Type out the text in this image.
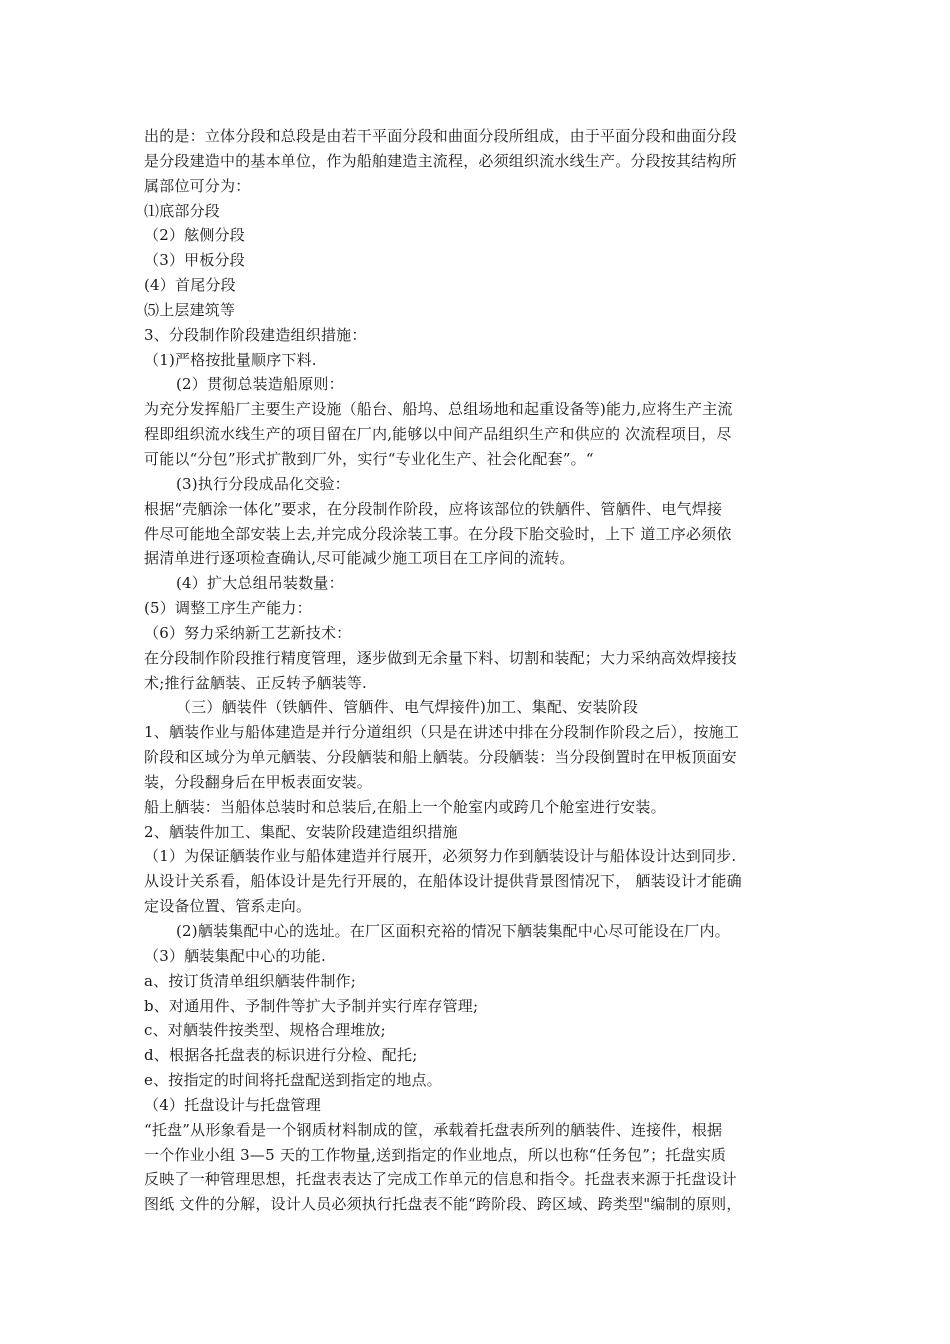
出的是：立体分段和总段是由若干平面分段和曲面分段所组成，由于平面分段和曲面分段
是分段建造中的基本单位，作为船舶建造主流程，必须组织流水线生产。分段按其结构所
属部位可分为：
⑴底部分段
（2）舷侧分段
（3）甲板分段
(4）首尾分段
⑸上层建筑等
3、分段制作阶段建造组织措施：
（1)严格按批量顺序下料.
(2）贯彻总装造船原则：
为充分发挥船厂主要生产设施（船台、船坞、总组场地和起重设备等)能力,应将生产主流
程即组织流水线生产的项目留在厂内,能够以中间产品组织生产和供应的 次流程项目，尽
可能以“分包”形式扩散到厂外，实行“专业化生产、社会化配套”。“
(3)执行分段成品化交验：
根据“壳舾涂一体化”要求，在分段制作阶段，应将该部位的铁舾件、管舾件、电气焊接
件尽可能地全部安装上去,并完成分段涂装工事。在分段下胎交验时，上下 道工序必须依
据清单进行逐项检查确认,尽可能减少施工项目在工序间的流转。
(4）扩大总组吊装数量：
(5）调整工序生产能力：
（6）努力采纳新工艺新技术：
在分段制作阶段推行精度管理，逐步做到无余量下料、切割和装配；大力采纳高效焊接技
术;推行盆舾装、正反转予舾装等.
（三）舾装件（铁舾件、管舾件、电气焊接件)加工、集配、安装阶段
1、舾装作业与船体建造是并行分道组织（只是在讲述中排在分段制作阶段之后），按施工
阶段和区域分为单元舾装、分段舾装和船上舾装。分段舾装：当分段倒置时在甲板顶面安
装，分段翻身后在甲板表面安装。
船上舾装：当船体总装时和总装后,在船上一个舱室内或跨几个舱室进行安装。
2、舾装件加工、集配、安装阶段建造组织措施
（1）为保证舾装作业与船体建造并行展开，必须努力作到舾装设计与船体设计达到同步.
从设计关系看，船体设计是先行开展的，在船体设计提供背景图情况下， 舾装设计才能确
定设备位置、管系走向。
(2)舾装集配中心的选址。在厂区面积充裕的情况下舾装集配中心尽可能设在厂内。
（3）舾装集配中心的功能.
a、按订货清单组织舾装件制作;
b、对通用件、予制件等扩大予制并实行库存管理;
c、对舾装件按类型、规格合理堆放;
d、根据各托盘表的标识进行分检、配托;
e、按指定的时间将托盘配送到指定的地点。
（4）托盘设计与托盘管理
“托盘”从形象看是一个钢质材料制成的筐，承载着托盘表所列的舾装件、连接件，根据
一个作业小组 3—5 天的工作物量,送到指定的作业地点，所以也称“任务包”；托盘实质
反映了一种管理思想，托盘表表达了完成工作单元的信息和指令。托盘表来源于托盘设计
图纸 文件的分解，设计人员必须执行托盘表不能“跨阶段、跨区域、跨类型"编制的原则，
